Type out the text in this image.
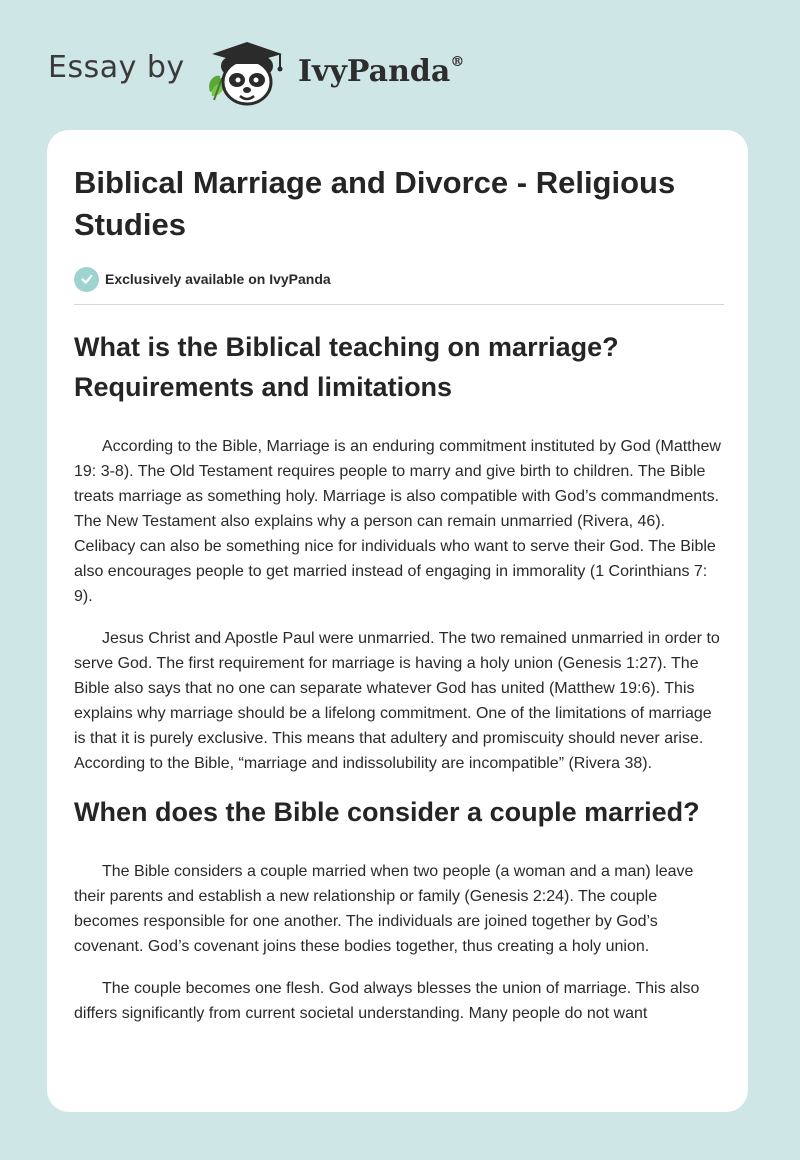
Essay by	IvyPanda®
Biblical Marriage and Divorce - Religious Studies
Exclusively available on IvyPanda
What is the Biblical teaching on marriage? Requirements and limitations

According to the Bible, Marriage is an enduring commitment instituted by God (Matthew 19: 3-8). The Old Testament requires people to marry and give birth to children. The Bible treats marriage as something holy. Marriage is also compatible with God’s commandments. The New Testament also explains why a person can remain unmarried (Rivera, 46). Celibacy can also be something nice for individuals who want to serve their God. The Bible also encourages people to get married instead of engaging in immorality (1 Corinthians 7: 9).

Jesus Christ and Apostle Paul were unmarried. The two remained unmarried in order to serve God. The first requirement for marriage is having a holy union (Genesis 1:27). The Bible also says that no one can separate whatever God has united (Matthew 19:6). This explains why marriage should be a lifelong commitment. One of the limitations of marriage is that it is purely exclusive. This means that adultery and promiscuity should never arise. According to the Bible, “marriage and indissolubility are incompatible” (Rivera 38).

When does the Bible consider a couple married?

The Bible considers a couple married when two people (a woman and a man) leave their parents and establish a new relationship or family (Genesis 2:24). The couple becomes responsible for one another. The individuals are joined together by God’s covenant. God’s covenant joins these bodies together, thus creating a holy union.

The couple becomes one flesh. God always blesses the union of marriage. This also differs significantly from current societal understanding. Many people do not want
